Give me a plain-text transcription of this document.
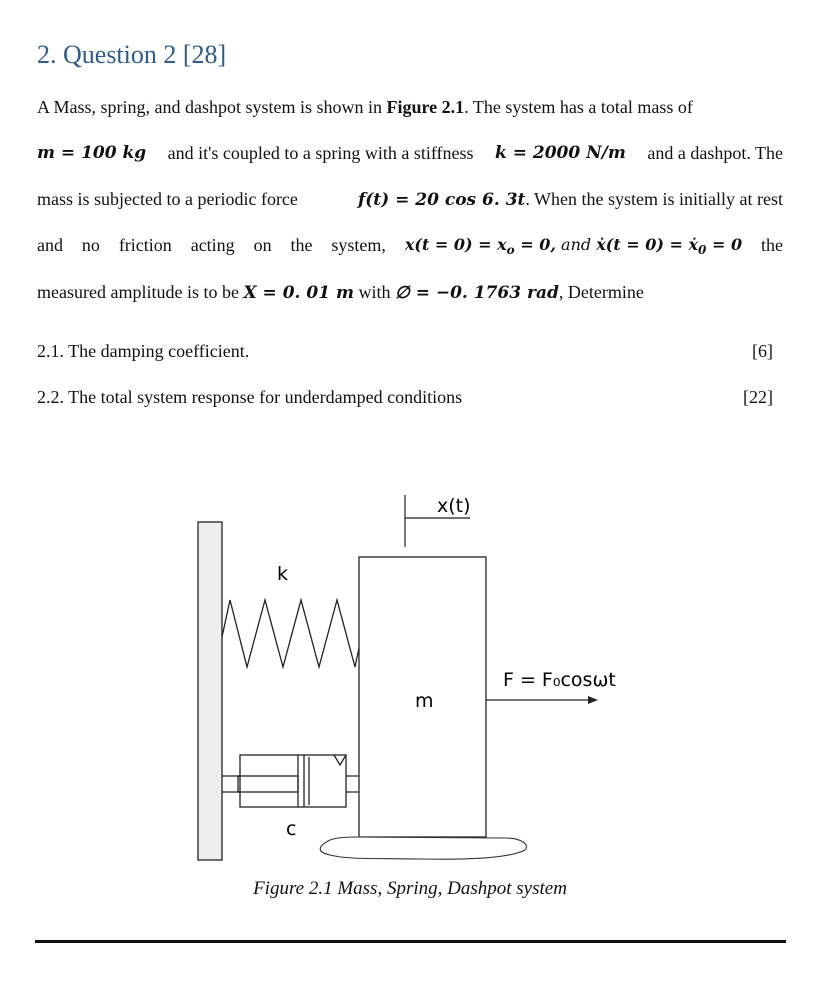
2. Question 2 [28]
A Mass, spring, and dashpot system is shown in Figure 2.1. The system has a total mass of
m = 100 kg and it's coupled to a spring with a stiffness k = 2000 N/m and a dashpot. The
mass is subjected to a periodic force	f(t) = 20 cos 6. 3t. When the system is initially at rest
and no friction acting on the system, $x(t = 0) = x_o = 0$, and ẋ(t = 0) = ẋ$_0$ = 0 the
measured amplitude is to be X = 0. 01 m with ∅ = −0. 1763 rad, Determine
2.1. The damping coefficient.	[6]
2.2. The total system response for underdamped conditions	[22]
x(t)
k
m
c
F = F₀cosωt
Figure 2.1 Mass, Spring, Dashpot system
